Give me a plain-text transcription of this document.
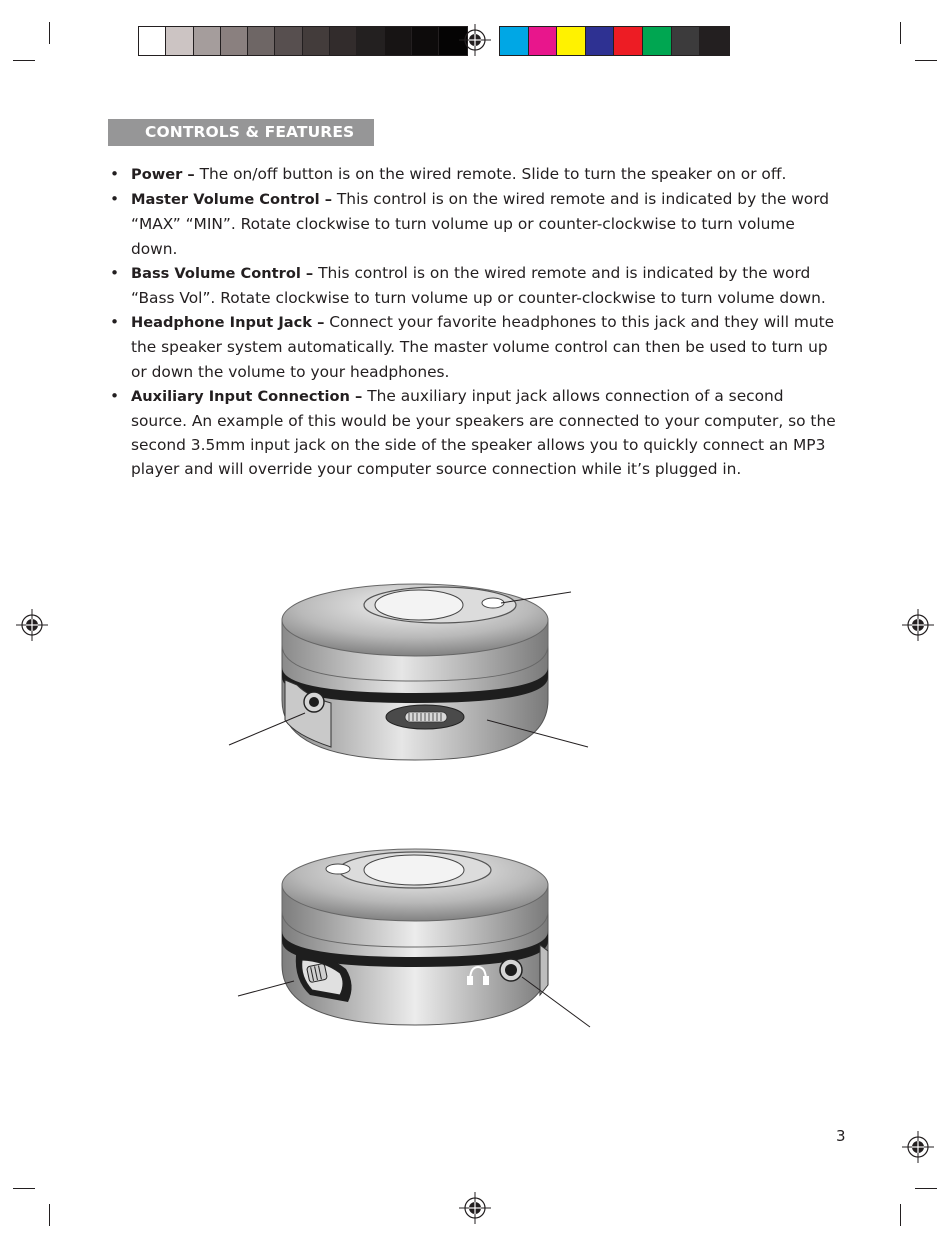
CONTROLS & FEATURES
• Power – The on/off button is on the wired remote. Slide to turn the speaker on or off.
• Master Volume Control – This control is on the wired remote and is indicated by the word “MAX” “MIN”. Rotate clockwise to turn volume up or counter-clockwise to turn volume down.
• Bass Volume Control – This control is on the wired remote and is indicated by the word “Bass Vol”. Rotate clockwise to turn volume up or counter-clockwise to turn volume down.
• Headphone Input Jack – Connect your favorite headphones to this jack and they will mute the speaker system automatically. The master volume control can then be used to turn up or down the volume to your headphones.
• Auxiliary Input Connection – The auxiliary input jack allows connection of a second source. An example of this would be your speakers are connected to your computer, so the second 3.5mm input jack on the side of the speaker allows you to quickly connect an MP3 player and will override your computer source connection while it’s plugged in.
3
